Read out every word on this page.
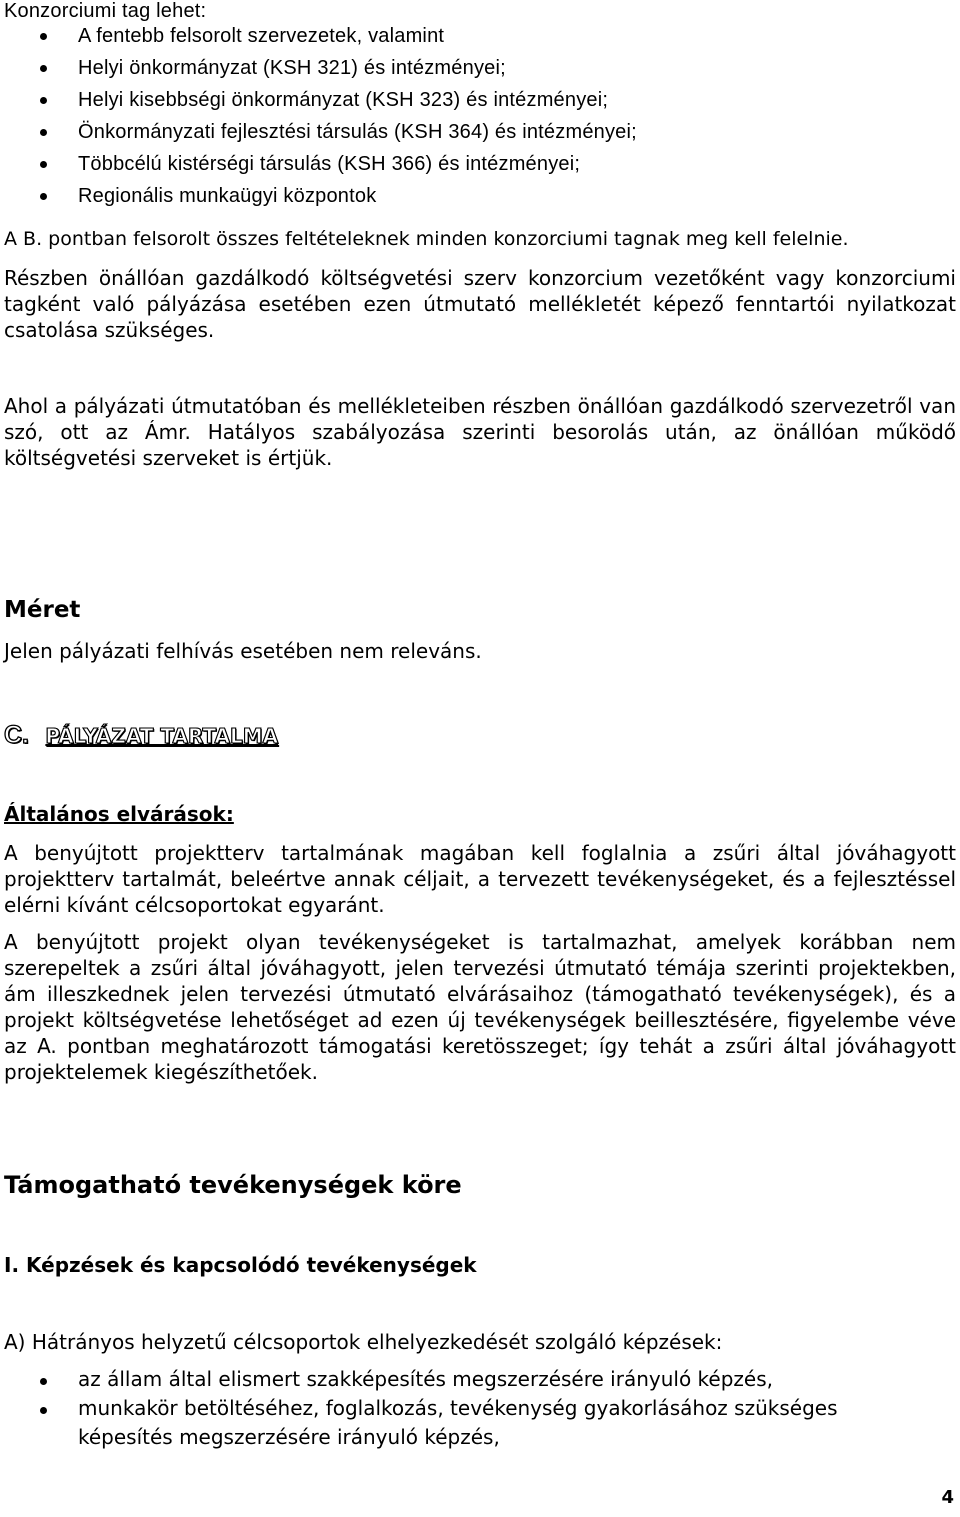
Konzorciumi tag lehet:
A fentebb felsorolt szervezetek, valamint
Helyi önkormányzat (KSH 321) és intézményei;
Helyi kisebbségi önkormányzat (KSH 323) és intézményei;
Önkormányzati fejlesztési társulás (KSH 364) és intézményei;
Többcélú kistérségi társulás (KSH 366) és intézményei;
Regionális munkaügyi központok

A B. pontban felsorolt összes feltételeknek minden konzorciumi tagnak meg kell felelnie.

Részben önállóan gazdálkodó költségvetési szerv konzorcium vezetőként vagy konzorciumi tagként való pályázása esetében ezen útmutató mellékletét képező fenntartói nyilatkozat csatolása szükséges.

Ahol a pályázati útmutatóban és mellékleteiben részben önállóan gazdálkodó szervezetről van szó, ott az Ámr. Hatályos szabályozása szerinti besorolás után, az önállóan működő költségvetési szerveket is értjük.

Méret

Jelen pályázati felhívás esetében nem releváns.

C. PÁLYÁZAT TARTALMA
Általános elvárások:

A benyújtott projektterv tartalmának magában kell foglalnia a zsűri által jóváhagyott projektterv tartalmát, beleértve annak céljait, a tervezett tevékenységeket, és a fejlesztéssel elérni kívánt célcsoportokat egyaránt.

A benyújtott projekt olyan tevékenységeket is tartalmazhat, amelyek korábban nem szerepeltek a zsűri által jóváhagyott, jelen tervezési útmutató témája szerinti projektekben, ám illeszkednek jelen tervezési útmutató elvárásaihoz (támogatható tevékenységek), és a projekt költségvetése lehetőséget ad ezen új tevékenységek beillesztésére, figyelembe véve az A. pontban meghatározott támogatási keretösszeget; így tehát a zsűri által jóváhagyott projektelemek kiegészíthetőek.

Támogatható tevékenységek köre
I. Képzések és kapcsolódó tevékenységek
A) Hátrányos helyzetű célcsoportok elhelyezkedését szolgáló képzések:
az állam által elismert szakképesítés megszerzésére irányuló képzés,
munkakör betöltéséhez, foglalkozás, tevékenység gyakorlásához szükséges képesítés megszerzésére irányuló képzés,
4
